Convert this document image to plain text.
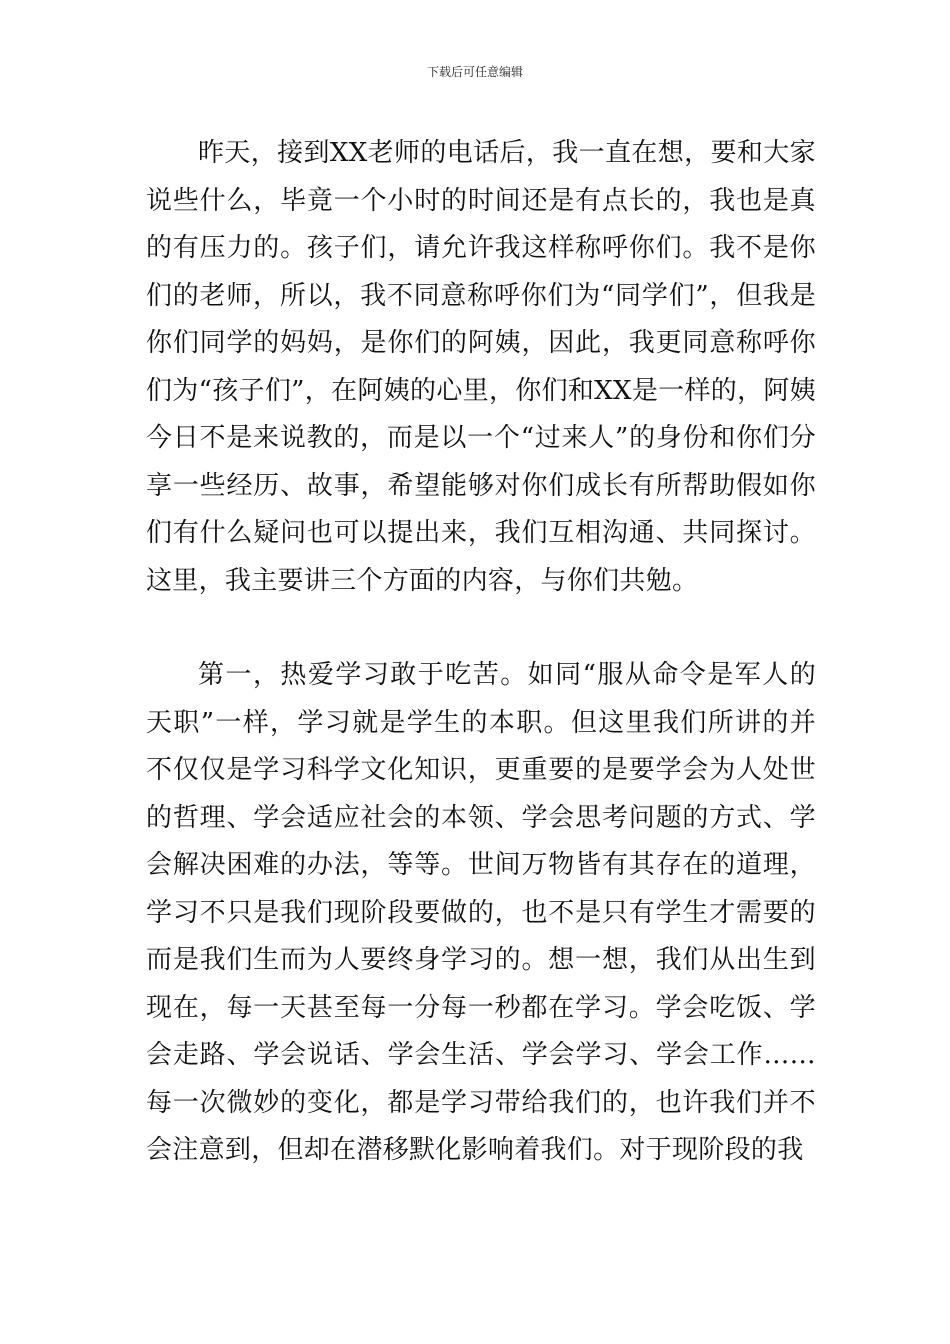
下载后可任意编辑

昨天，接到XX老师的电话后，我一直在想，要和大家说些什么，毕竟一个小时的时间还是有点长的，我也是真的有压力的。孩子们，请允许我这样称呼你们。我不是你们的老师，所以，我不同意称呼你们为“同学们”，但我是你们同学的妈妈，是你们的阿姨，因此，我更同意称呼你们为“孩子们”，在阿姨的心里，你们和XX是一样的，阿姨今日不是来说教的，而是以一个“过来人”的身份和你们分享一些经历、故事，希望能够对你们成长有所帮助假如你们有什么疑问也可以提出来，我们互相沟通、共同探讨。这里，我主要讲三个方面的内容，与你们共勉。

第一，热爱学习敢于吃苦。如同“服从命令是军人的天职”一样，学习就是学生的本职。但这里我们所讲的并不仅仅是学习科学文化知识，更重要的是要学会为人处世的哲理、学会适应社会的本领、学会思考问题的方式、学会解决困难的办法，等等。世间万物皆有其存在的道理，学习不只是我们现阶段要做的，也不是只有学生才需要的而是我们生而为人要终身学习的。想一想，我们从出生到现在，每一天甚至每一分每一秒都在学习。学会吃饭、学会走路、学会说话、学会生活、学会学习、学会工作……每一次微妙的变化，都是学习带给我们的，也许我们并不会注意到，但却在潜移默化影响着我们。对于现阶段的我
